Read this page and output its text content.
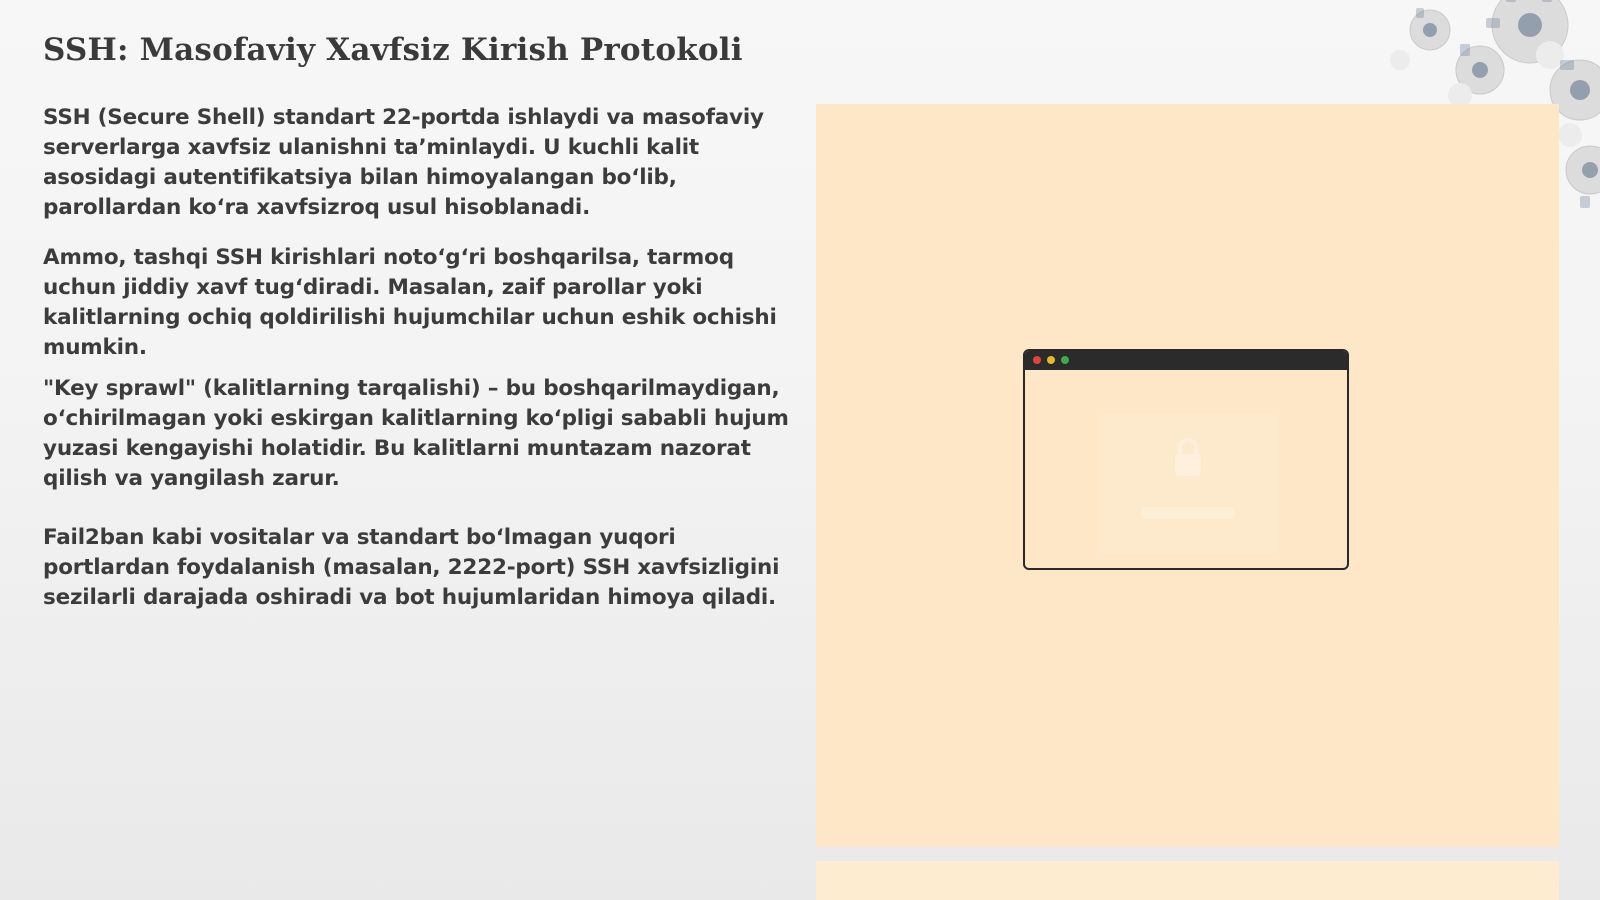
SSH: Masofaviy Xavfsiz Kirish Protokoli

SSH (Secure Shell) standart 22-portda ishlaydi va masofaviy serverlarga xavfsiz ulanishni ta’minlaydi. U kuchli kalit asosidagi autentifikatsiya bilan himoyalangan bo‘lib, parollardan ko‘ra xavfsizroq usul hisoblanadi.

Ammo, tashqi SSH kirishlari noto‘g‘ri boshqarilsa, tarmoq uchun jiddiy xavf tug‘diradi. Masalan, zaif parollar yoki kalitlarning ochiq qoldirilishi hujumchilar uchun eshik ochishi mumkin.

"Key sprawl" (kalitlarning tarqalishi) – bu boshqarilmaydigan, o‘chirilmagan yoki eskirgan kalitlarning ko‘pligi sababli hujum yuzasi kengayishi holatidir. Bu kalitlarni muntazam nazorat qilish va yangilash zarur.

Fail2ban kabi vositalar va standart bo‘lmagan yuqori portlardan foydalanish (masalan, 2222-port) SSH xavfsizligini sezilarli darajada oshiradi va bot hujumlaridan himoya qiladi.
